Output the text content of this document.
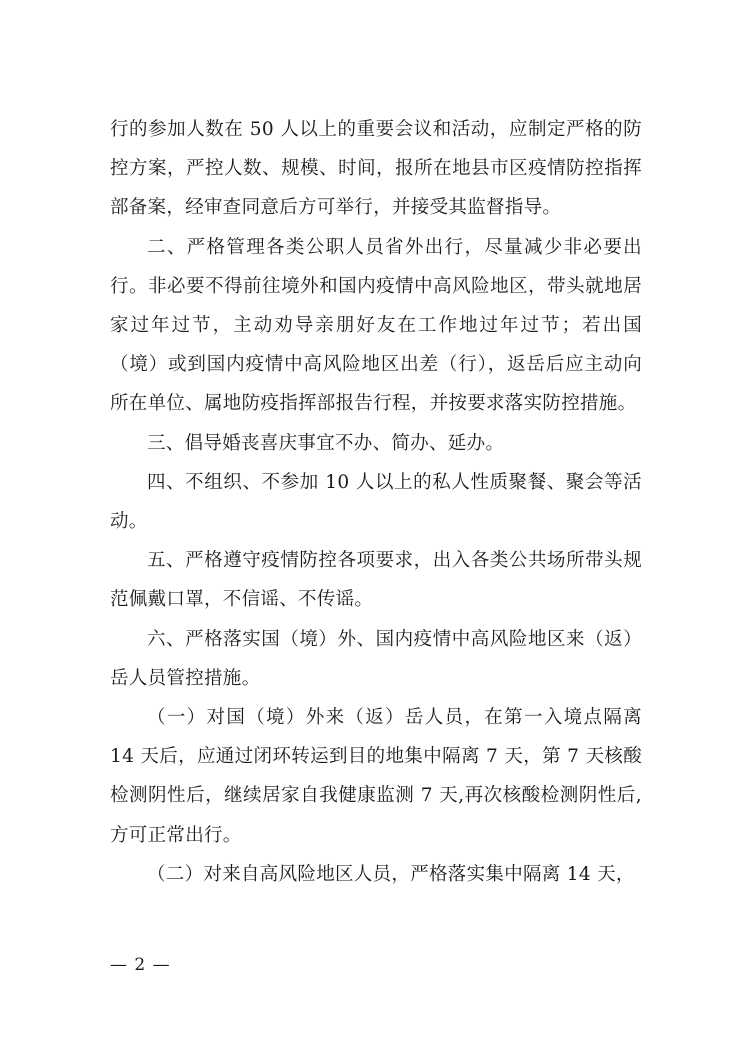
行的参加人数在 50 人以上的重要会议和活动，应制定严格的防控方案，严控人数、规模、时间，报所在地县市区疫情防控指挥部备案，经审查同意后方可举行，并接受其监督指导。

二、严格管理各类公职人员省外出行，尽量减少非必要出行。非必要不得前往境外和国内疫情中高风险地区，带头就地居家过年过节，主动劝导亲朋好友在工作地过年过节；若出国（境）或到国内疫情中高风险地区出差（行），返岳后应主动向所在单位、属地防疫指挥部报告行程，并按要求落实防控措施。

三、倡导婚丧喜庆事宜不办、简办、延办。

四、不组织、不参加 10 人以上的私人性质聚餐、聚会等活动。

五、严格遵守疫情防控各项要求，出入各类公共场所带头规范佩戴口罩，不信谣、不传谣。

六、严格落实国（境）外、国内疫情中高风险地区来（返）岳人员管控措施。

（一）对国（境）外来（返）岳人员，在第一入境点隔离 14 天后，应通过闭环转运到目的地集中隔离 7 天，第 7 天核酸检测阴性后，继续居家自我健康监测 7 天,再次核酸检测阴性后,方可正常出行。

（二）对来自高风险地区人员，严格落实集中隔离 14 天，

— 2 —
